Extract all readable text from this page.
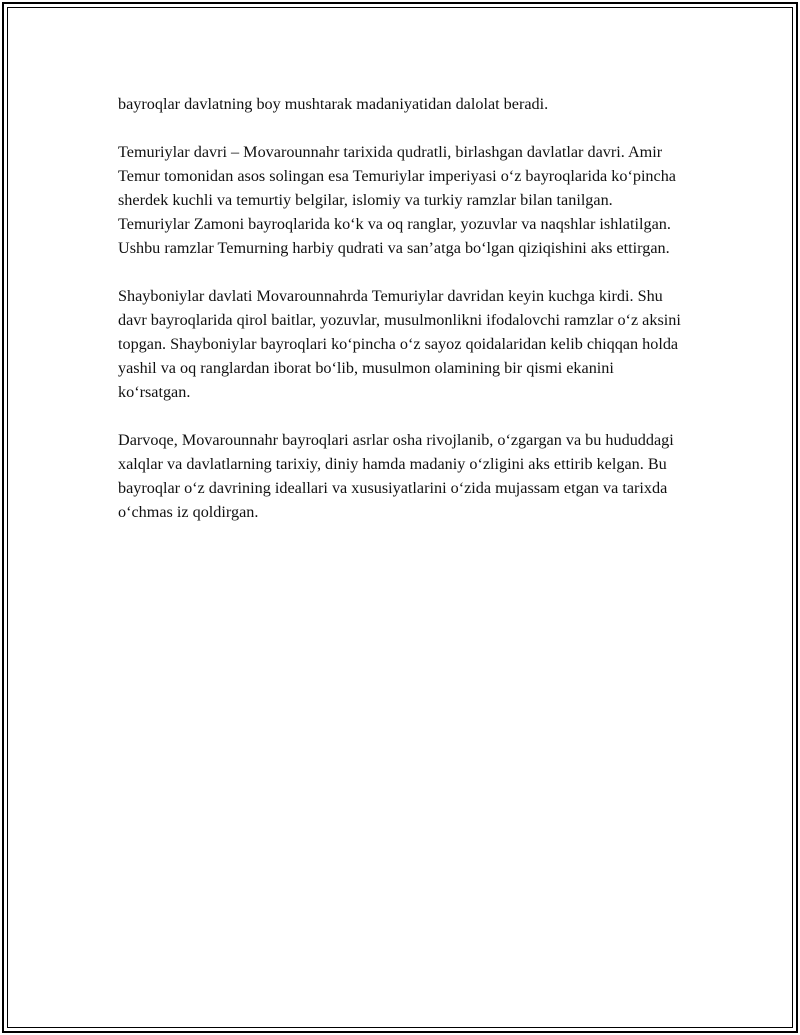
bayroqlar davlatning boy mushtarak madaniyatidan dalolat beradi.

Temuriylar davri – Movarounnahr tarixida qudratli, birlashgan davlatlar davri. Amir Temur tomonidan asos solingan esa Temuriylar imperiyasi o‘z bayroqlarida ko‘pincha sherdek kuchli va temurtiy belgilar, islomiy va turkiy ramzlar bilan tanilgan. Temuriylar Zamoni bayroqlarida ko‘k va oq ranglar, yozuvlar va naqshlar ishlatilgan. Ushbu ramzlar Temurning harbiy qudrati va san’atga bo‘lgan qiziqishini aks ettirgan.

Shayboniylar davlati Movarounnahrda Temuriylar davridan keyin kuchga kirdi. Shu davr bayroqlarida qirol baitlar, yozuvlar, musulmonlikni ifodalovchi ramzlar o‘z aksini topgan. Shayboniylar bayroqlari ko‘pincha o‘z sayoz qoidalaridan kelib chiqqan holda yashil va oq ranglardan iborat bo‘lib, musulmon olamining bir qismi ekanini ko‘rsatgan.

Darvoqe, Movarounnahr bayroqlari asrlar osha rivojlanib, o‘zgargan va bu hududdagi xalqlar va davlatlarning tarixiy, diniy hamda madaniy o‘zligini aks ettirib kelgan. Bu bayroqlar o‘z davrining ideallari va xususiyatlarini o‘zida mujassam etgan va tarixda o‘chmas iz qoldirgan.
